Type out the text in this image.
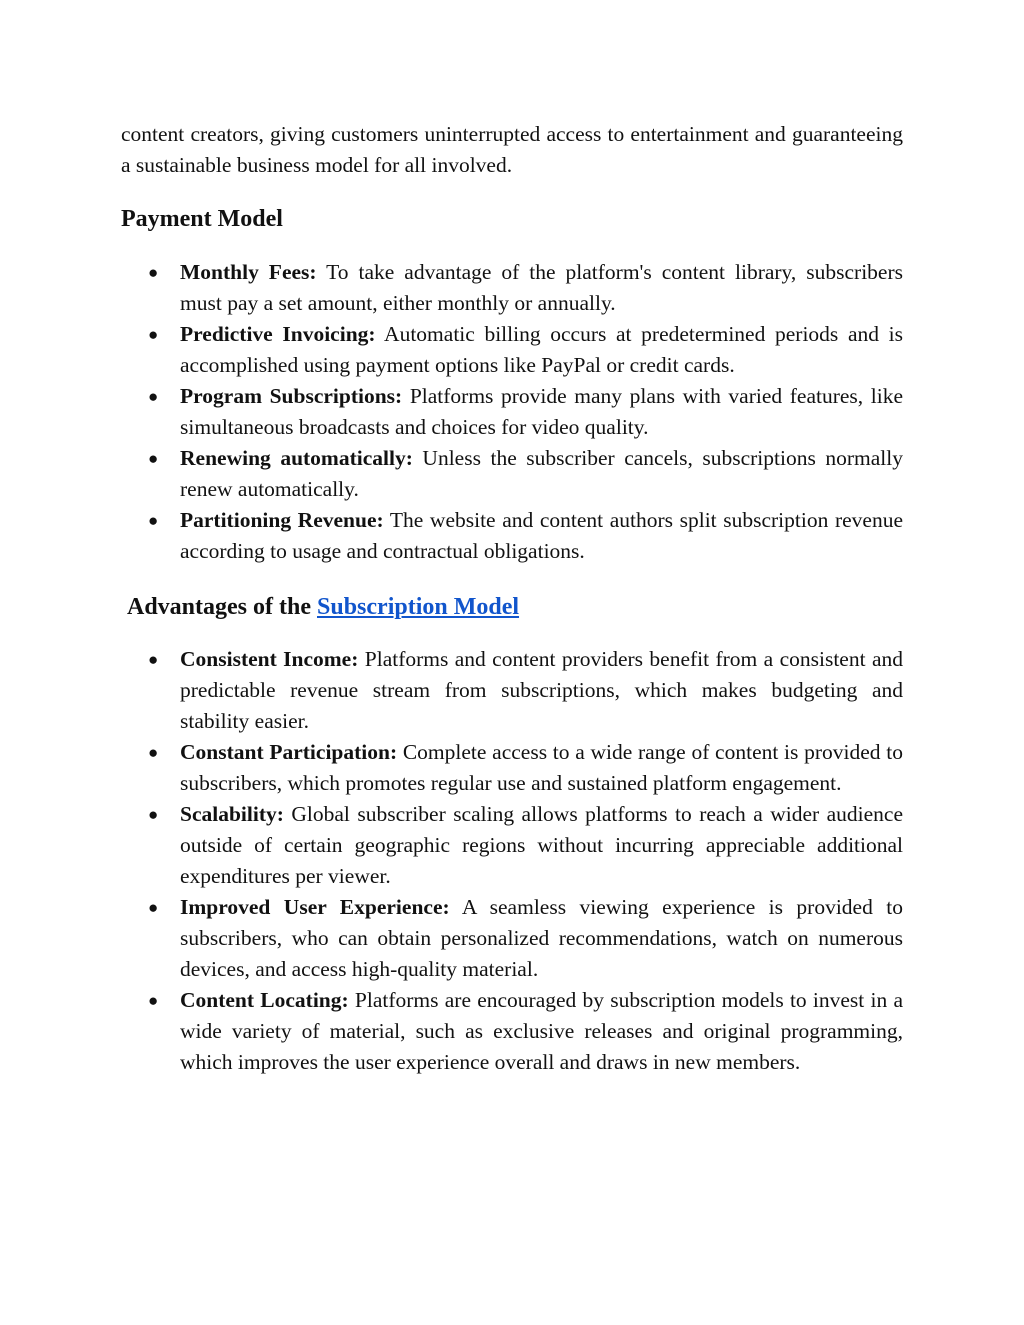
content creators, giving customers uninterrupted access to entertainment and guaranteeing a sustainable business model for all involved.

Payment Model
● Monthly Fees: To take advantage of the platform's content library, subscribers must pay a set amount, either monthly or annually.
● Predictive Invoicing: Automatic billing occurs at predetermined periods and is accomplished using payment options like PayPal or credit cards.
● Program Subscriptions: Platforms provide many plans with varied features, like simultaneous broadcasts and choices for video quality.
● Renewing automatically: Unless the subscriber cancels, subscriptions normally renew automatically.
● Partitioning Revenue: The website and content authors split subscription revenue according to usage and contractual obligations.
Advantages of the Subscription Model
● Consistent Income: Platforms and content providers benefit from a consistent and predictable revenue stream from subscriptions, which makes budgeting and stability easier.
● Constant Participation: Complete access to a wide range of content is provided to subscribers, which promotes regular use and sustained platform engagement.
● Scalability: Global subscriber scaling allows platforms to reach a wider audience outside of certain geographic regions without incurring appreciable additional expenditures per viewer.
● Improved User Experience: A seamless viewing experience is provided to subscribers, who can obtain personalized recommendations, watch on numerous devices, and access high-quality material.
● Content Locating: Platforms are encouraged by subscription models to invest in a wide variety of material, such as exclusive releases and original programming, which improves the user experience overall and draws in new members.
